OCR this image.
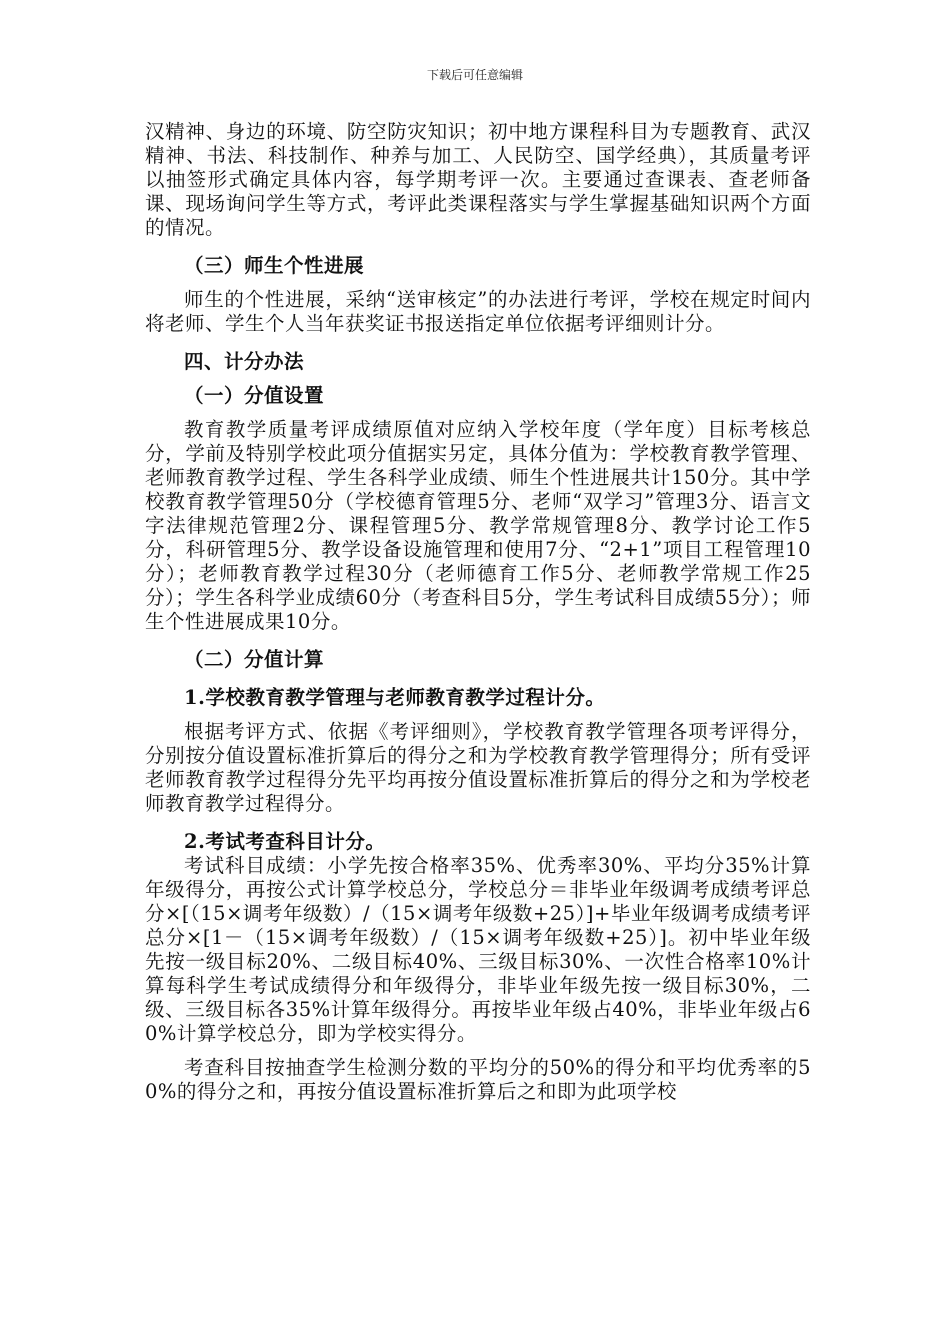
下载后可任意编辑

汉精神、身边的环境、防空防灾知识；初中地方课程科目为专题教育、武汉精神、书法、科技制作、种养与加工、人民防空、国学经典），其质量考评以抽签形式确定具体内容，每学期考评一次。主要通过查课表、查老师备课、现场询问学生等方式，考评此类课程落实与学生掌握基础知识两个方面的情况。

（三）师生个性进展

师生的个性进展，采纳“送审核定”的办法进行考评，学校在规定时间内将老师、学生个人当年获奖证书报送指定单位依据考评细则计分。

四、计分办法

（一）分值设置

教育教学质量考评成绩原值对应纳入学校年度（学年度）目标考核总分，学前及特别学校此项分值据实另定，具体分值为：学校教育教学管理、老师教育教学过程、学生各科学业成绩、师生个性进展共计150分。其中学校教育教学管理50分（学校德育管理5分、老师“双学习”管理3分、语言文字法律规范管理2分、课程管理5分、教学常规管理8分、教学讨论工作5分，科研管理5分、教学设备设施管理和使用7分、“2+1”项目工程管理10分）；老师教育教学过程30分（老师德育工作5分、老师教学常规工作25分）；学生各科学业成绩60分（考查科目5分，学生考试科目成绩55分）；师生个性进展成果10分。

（二）分值计算

1.学校教育教学管理与老师教育教学过程计分。

根据考评方式、依据《考评细则》，学校教育教学管理各项考评得分，分别按分值设置标准折算后的得分之和为学校教育教学管理得分；所有受评老师教育教学过程得分先平均再按分值设置标准折算后的得分之和为学校老师教育教学过程得分。

2.考试考查科目计分。

考试科目成绩：小学先按合格率35%、优秀率30%、平均分35%计算年级得分，再按公式计算学校总分，学校总分＝非毕业年级调考成绩考评总分×[（15×调考年级数）/（15×调考年级数+25）]+毕业年级调考成绩考评总分×[1－（15×调考年级数）/（15×调考年级数+25）]。初中毕业年级先按一级目标20%、二级目标40%、三级目标30%、一次性合格率10%计算每科学生考试成绩得分和年级得分，非毕业年级先按一级目标30%，二级、三级目标各35%计算年级得分。再按毕业年级占40%，非毕业年级占60%计算学校总分，即为学校实得分。

考查科目按抽查学生检测分数的平均分的50%的得分和平均优秀率的50%的得分之和，再按分值设置标准折算后之和即为此项学校
